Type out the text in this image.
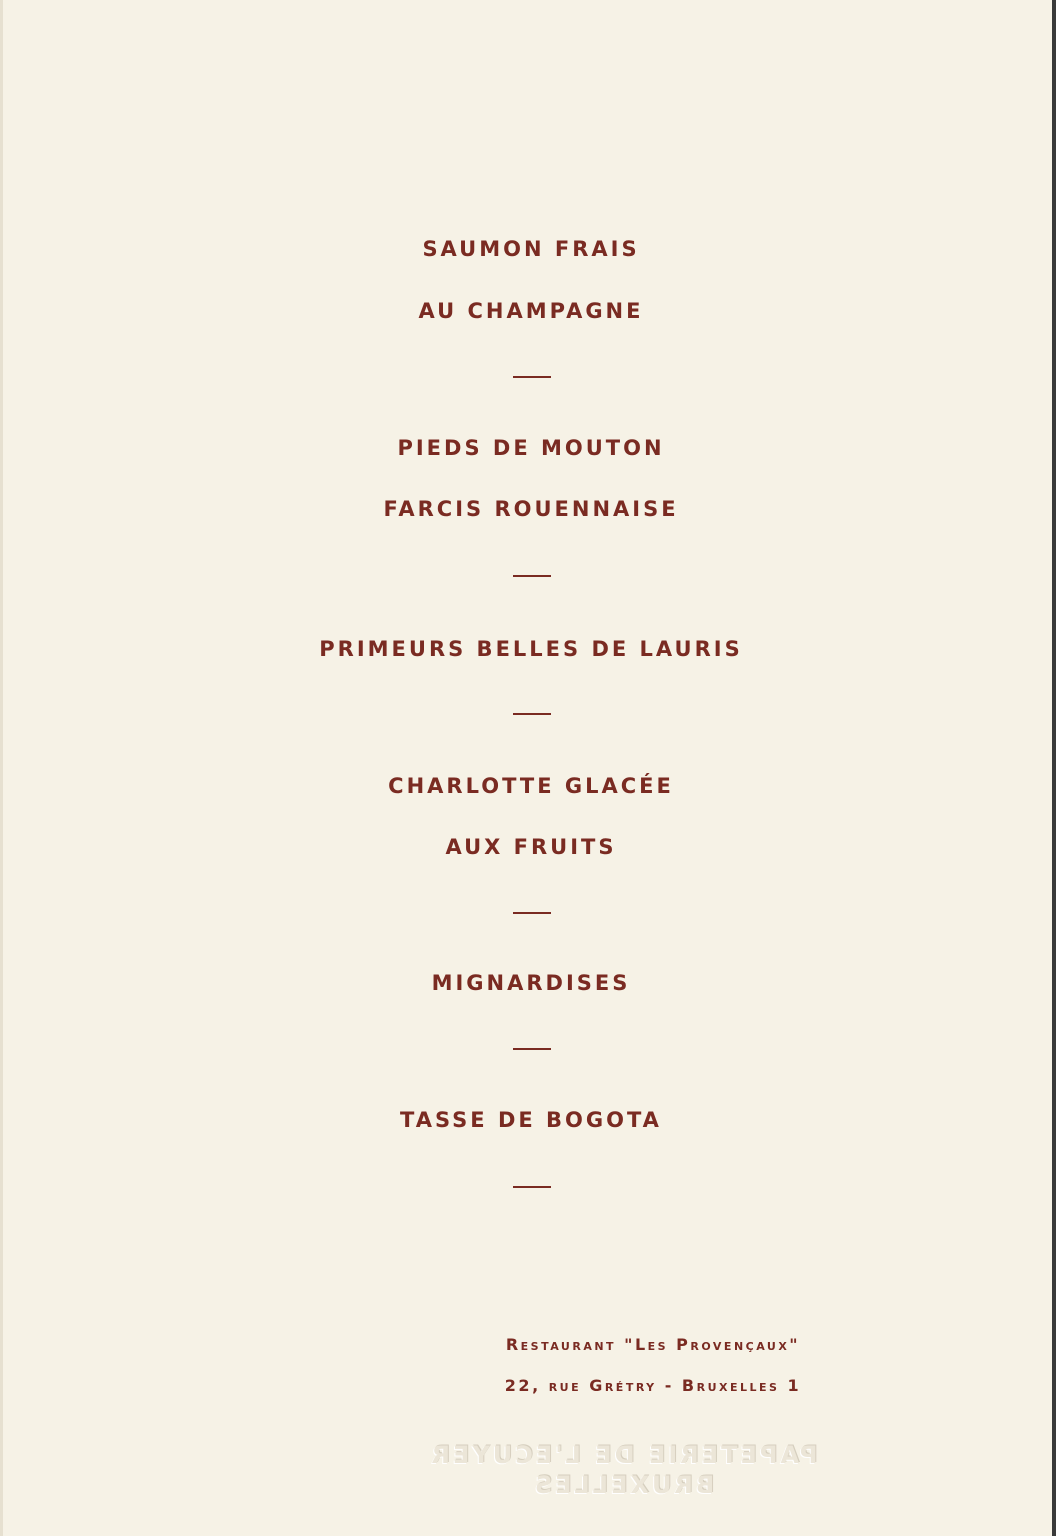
SAUMON FRAIS
AU CHAMPAGNE
PIEDS DE MOUTON
FARCIS ROUENNAISE
PRIMEURS BELLES DE LAURIS
CHARLOTTE GLACÉE
AUX FRUITS
MIGNARDISES
TASSE DE BOGOTA
Restaurant "Les Provençaux"
22, rue Grétry - Bruxelles 1
PAPETERIE DE L'ECUYER
BRUXELLES
